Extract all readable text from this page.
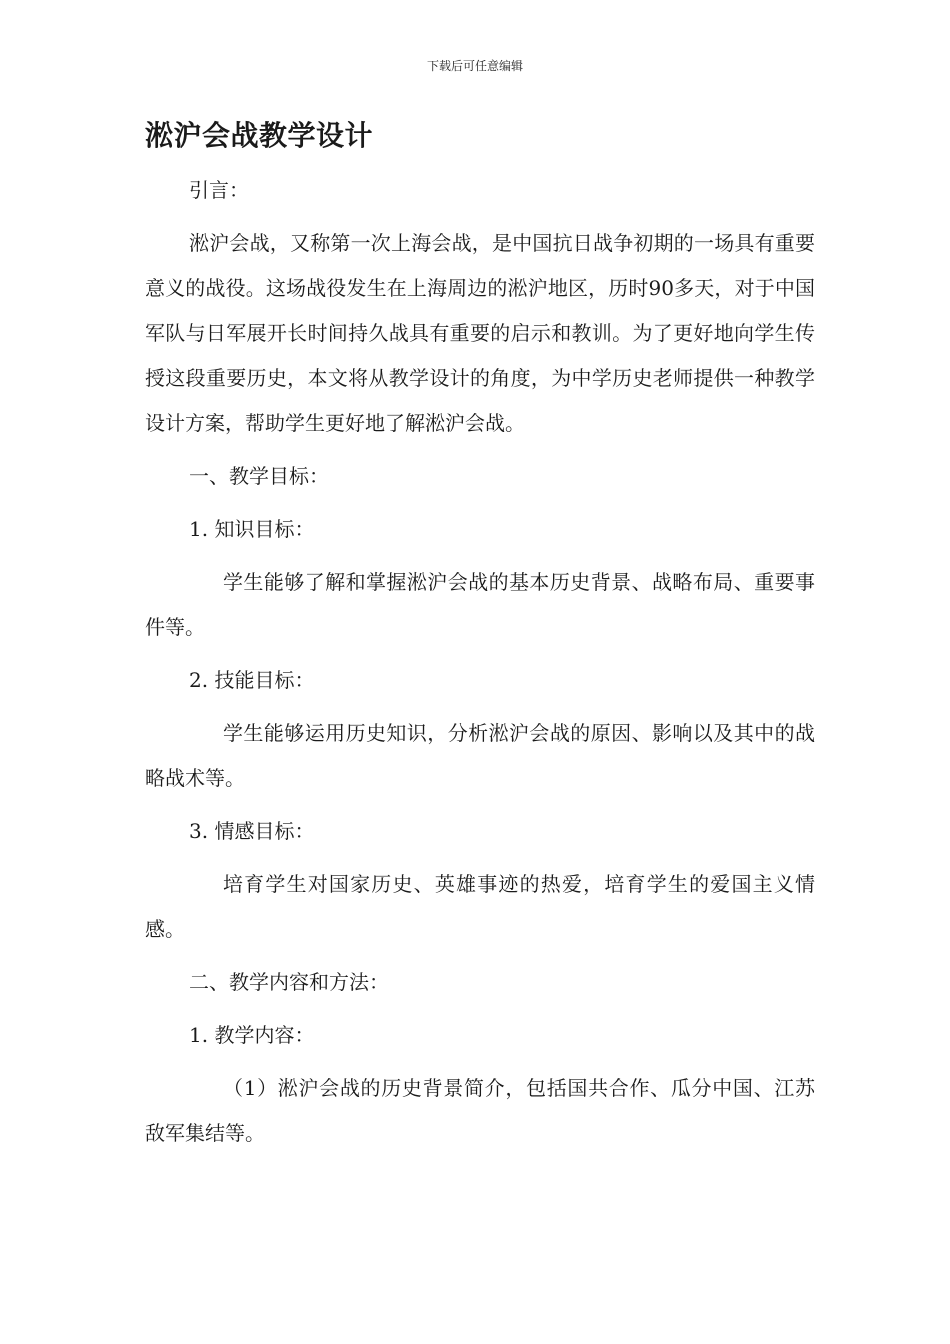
下载后可任意编辑
淞沪会战教学设计

引言：

淞沪会战，又称第一次上海会战，是中国抗日战争初期的一场具有重要意义的战役。这场战役发生在上海周边的淞沪地区，历时90多天，对于中国军队与日军展开长时间持久战具有重要的启示和教训。为了更好地向学生传授这段重要历史，本文将从教学设计的角度，为中学历史老师提供一种教学设计方案，帮助学生更好地了解淞沪会战。

一、教学目标：

1. 知识目标：

学生能够了解和掌握淞沪会战的基本历史背景、战略布局、重要事件等。

2. 技能目标：

学生能够运用历史知识，分析淞沪会战的原因、影响以及其中的战略战术等。

3. 情感目标：

培育学生对国家历史、英雄事迹的热爱，培育学生的爱国主义情感。

二、教学内容和方法：

1. 教学内容：

（1）淞沪会战的历史背景简介，包括国共合作、瓜分中国、江苏敌军集结等。
